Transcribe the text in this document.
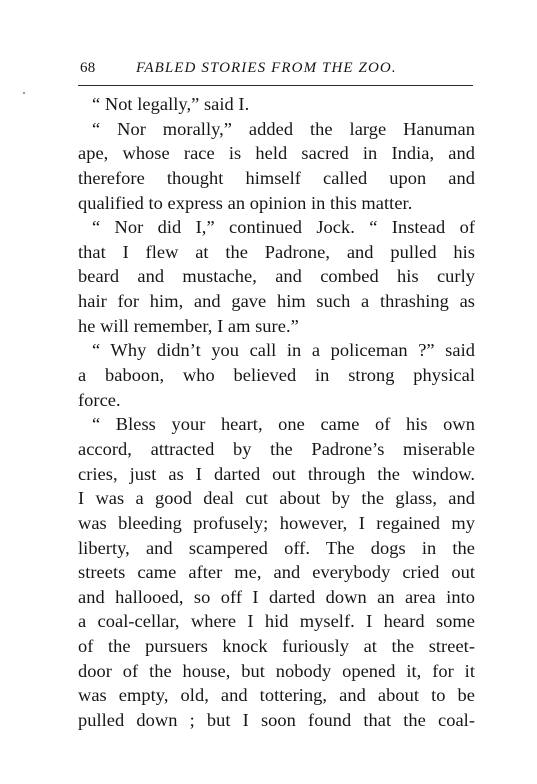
68	FABLED STORIES FROM THE ZOO.
“ Not legally,” said I.
“ Nor morally,” added the large Hanuman
ape, whose race is held sacred in India, and
therefore thought himself called upon and
qualified to express an opinion in this matter.
“ Nor did I,” continued Jock. “ Instead of
that I flew at the Padrone, and pulled his
beard and mustache, and combed his curly
hair for him, and gave him such a thrashing as
he will remember, I am sure.”
“ Why didn’t you call in a policeman ?” said
a baboon, who believed in strong physical
force.
“ Bless your heart, one came of his own
accord, attracted by the Padrone’s miserable
cries, just as I darted out through the window.
I was a good deal cut about by the glass, and
was bleeding profusely; however, I regained my
liberty, and scampered off. The dogs in the
streets came after me, and everybody cried out
and hallooed, so off I darted down an area into
a coal-cellar, where I hid myself. I heard some
of the pursuers knock furiously at the street-
door of the house, but nobody opened it, for it
was empty, old, and tottering, and about to be
pulled down ; but I soon found that the coal-
